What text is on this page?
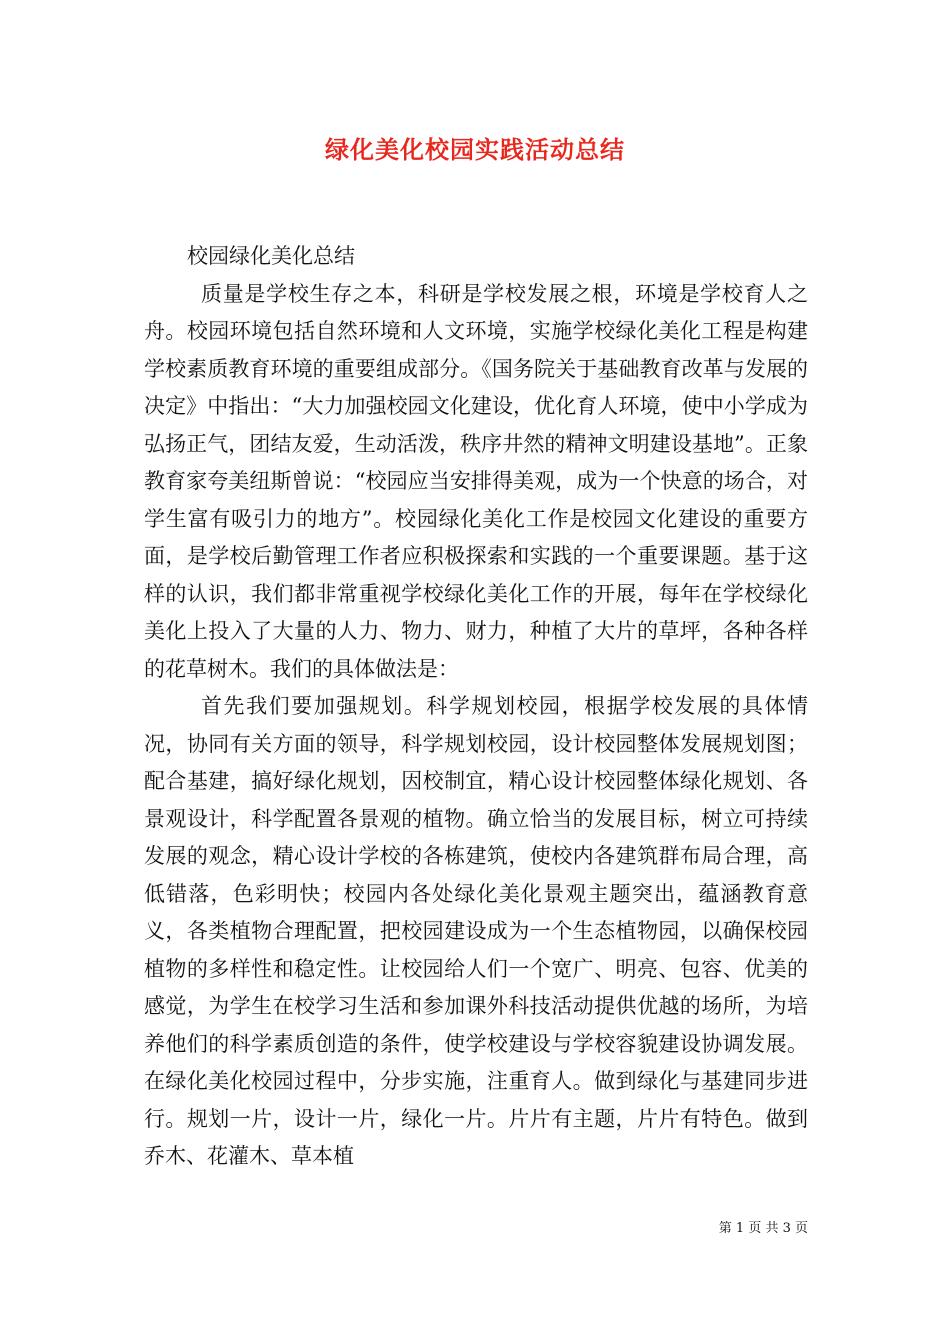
绿化美化校园实践活动总结

校园绿化美化总结

质量是学校生存之本，科研是学校发展之根，环境是学校育人之舟。校园环境包括自然环境和人文环境，实施学校绿化美化工程是构建学校素质教育环境的重要组成部分。《国务院关于基础教育改革与发展的决定》中指出：“大力加强校园文化建设，优化育人环境，使中小学成为弘扬正气，团结友爱，生动活泼，秩序井然的精神文明建设基地”。正象教育家夸美纽斯曾说：“校园应当安排得美观，成为一个快意的场合，对学生富有吸引力的地方”。校园绿化美化工作是校园文化建设的重要方面，是学校后勤管理工作者应积极探索和实践的一个重要课题。基于这样的认识，我们都非常重视学校绿化美化工作的开展，每年在学校绿化美化上投入了大量的人力、物力、财力，种植了大片的草坪，各种各样的花草树木。我们的具体做法是：

首先我们要加强规划。科学规划校园，根据学校发展的具体情况，协同有关方面的领导，科学规划校园，设计校园整体发展规划图；配合基建，搞好绿化规划，因校制宜，精心设计校园整体绿化规划、各景观设计，科学配置各景观的植物。确立恰当的发展目标，树立可持续发展的观念，精心设计学校的各栋建筑，使校内各建筑群布局合理，高低错落，色彩明快；校园内各处绿化美化景观主题突出，蕴涵教育意义，各类植物合理配置，把校园建设成为一个生态植物园，以确保校园植物的多样性和稳定性。让校园给人们一个宽广、明亮、包容、优美的感觉，为学生在校学习生活和参加课外科技活动提供优越的场所，为培养他们的科学素质创造的条件，使学校建设与学校容貌建设协调发展。在绿化美化校园过程中，分步实施，注重育人。做到绿化与基建同步进行。规划一片，设计一片，绿化一片。片片有主题，片片有特色。做到乔木、花灌木、草本植

第 1 页 共 3 页
